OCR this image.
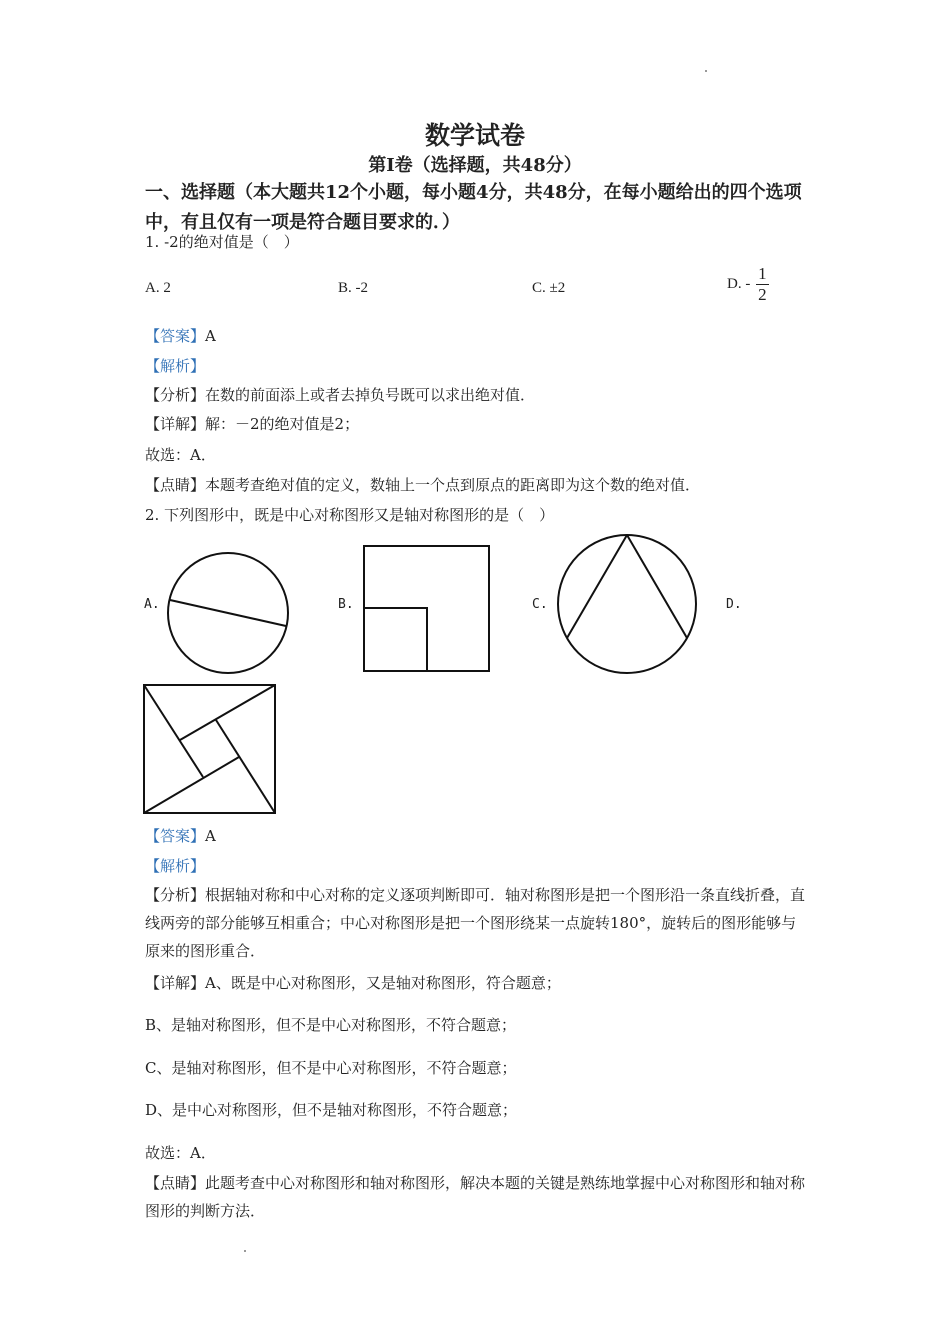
数学试卷
第Ⅰ卷（选择题，共48分）
一、选择题（本大题共12个小题，每小题4分，共48分，在每小题给出的四个选项中，有且仅有一项是符合题目要求的．）
1. -2的绝对值是（　）
A. 2	B. -2	C. ±2	D. - $\frac{1}{2}$
【答案】A
【解析】
【分析】在数的前面添上或者去掉负号既可以求出绝对值．
【详解】解：－2的绝对值是2；
故选：A．
【点睛】本题考查绝对值的定义，数轴上一个点到原点的距离即为这个数的绝对值．
2. 下列图形中，既是中心对称图形又是轴对称图形的是（　）
A.	B.	C.	D.
【答案】A
【解析】
【分析】根据轴对称和中心对称的定义逐项判断即可．轴对称图形是把一个图形沿一条直线折叠，直线两旁的部分能够互相重合；中心对称图形是把一个图形绕某一点旋转180°，旋转后的图形能够与原来的图形重合．
【详解】A、既是中心对称图形，又是轴对称图形，符合题意；
B、是轴对称图形，但不是中心对称图形，不符合题意；
C、是轴对称图形，但不是中心对称图形，不符合题意；
D、是中心对称图形，但不是轴对称图形，不符合题意；
故选：A．
【点睛】此题考查中心对称图形和轴对称图形，解决本题的关键是熟练地掌握中心对称图形和轴对称图形的判断方法．
